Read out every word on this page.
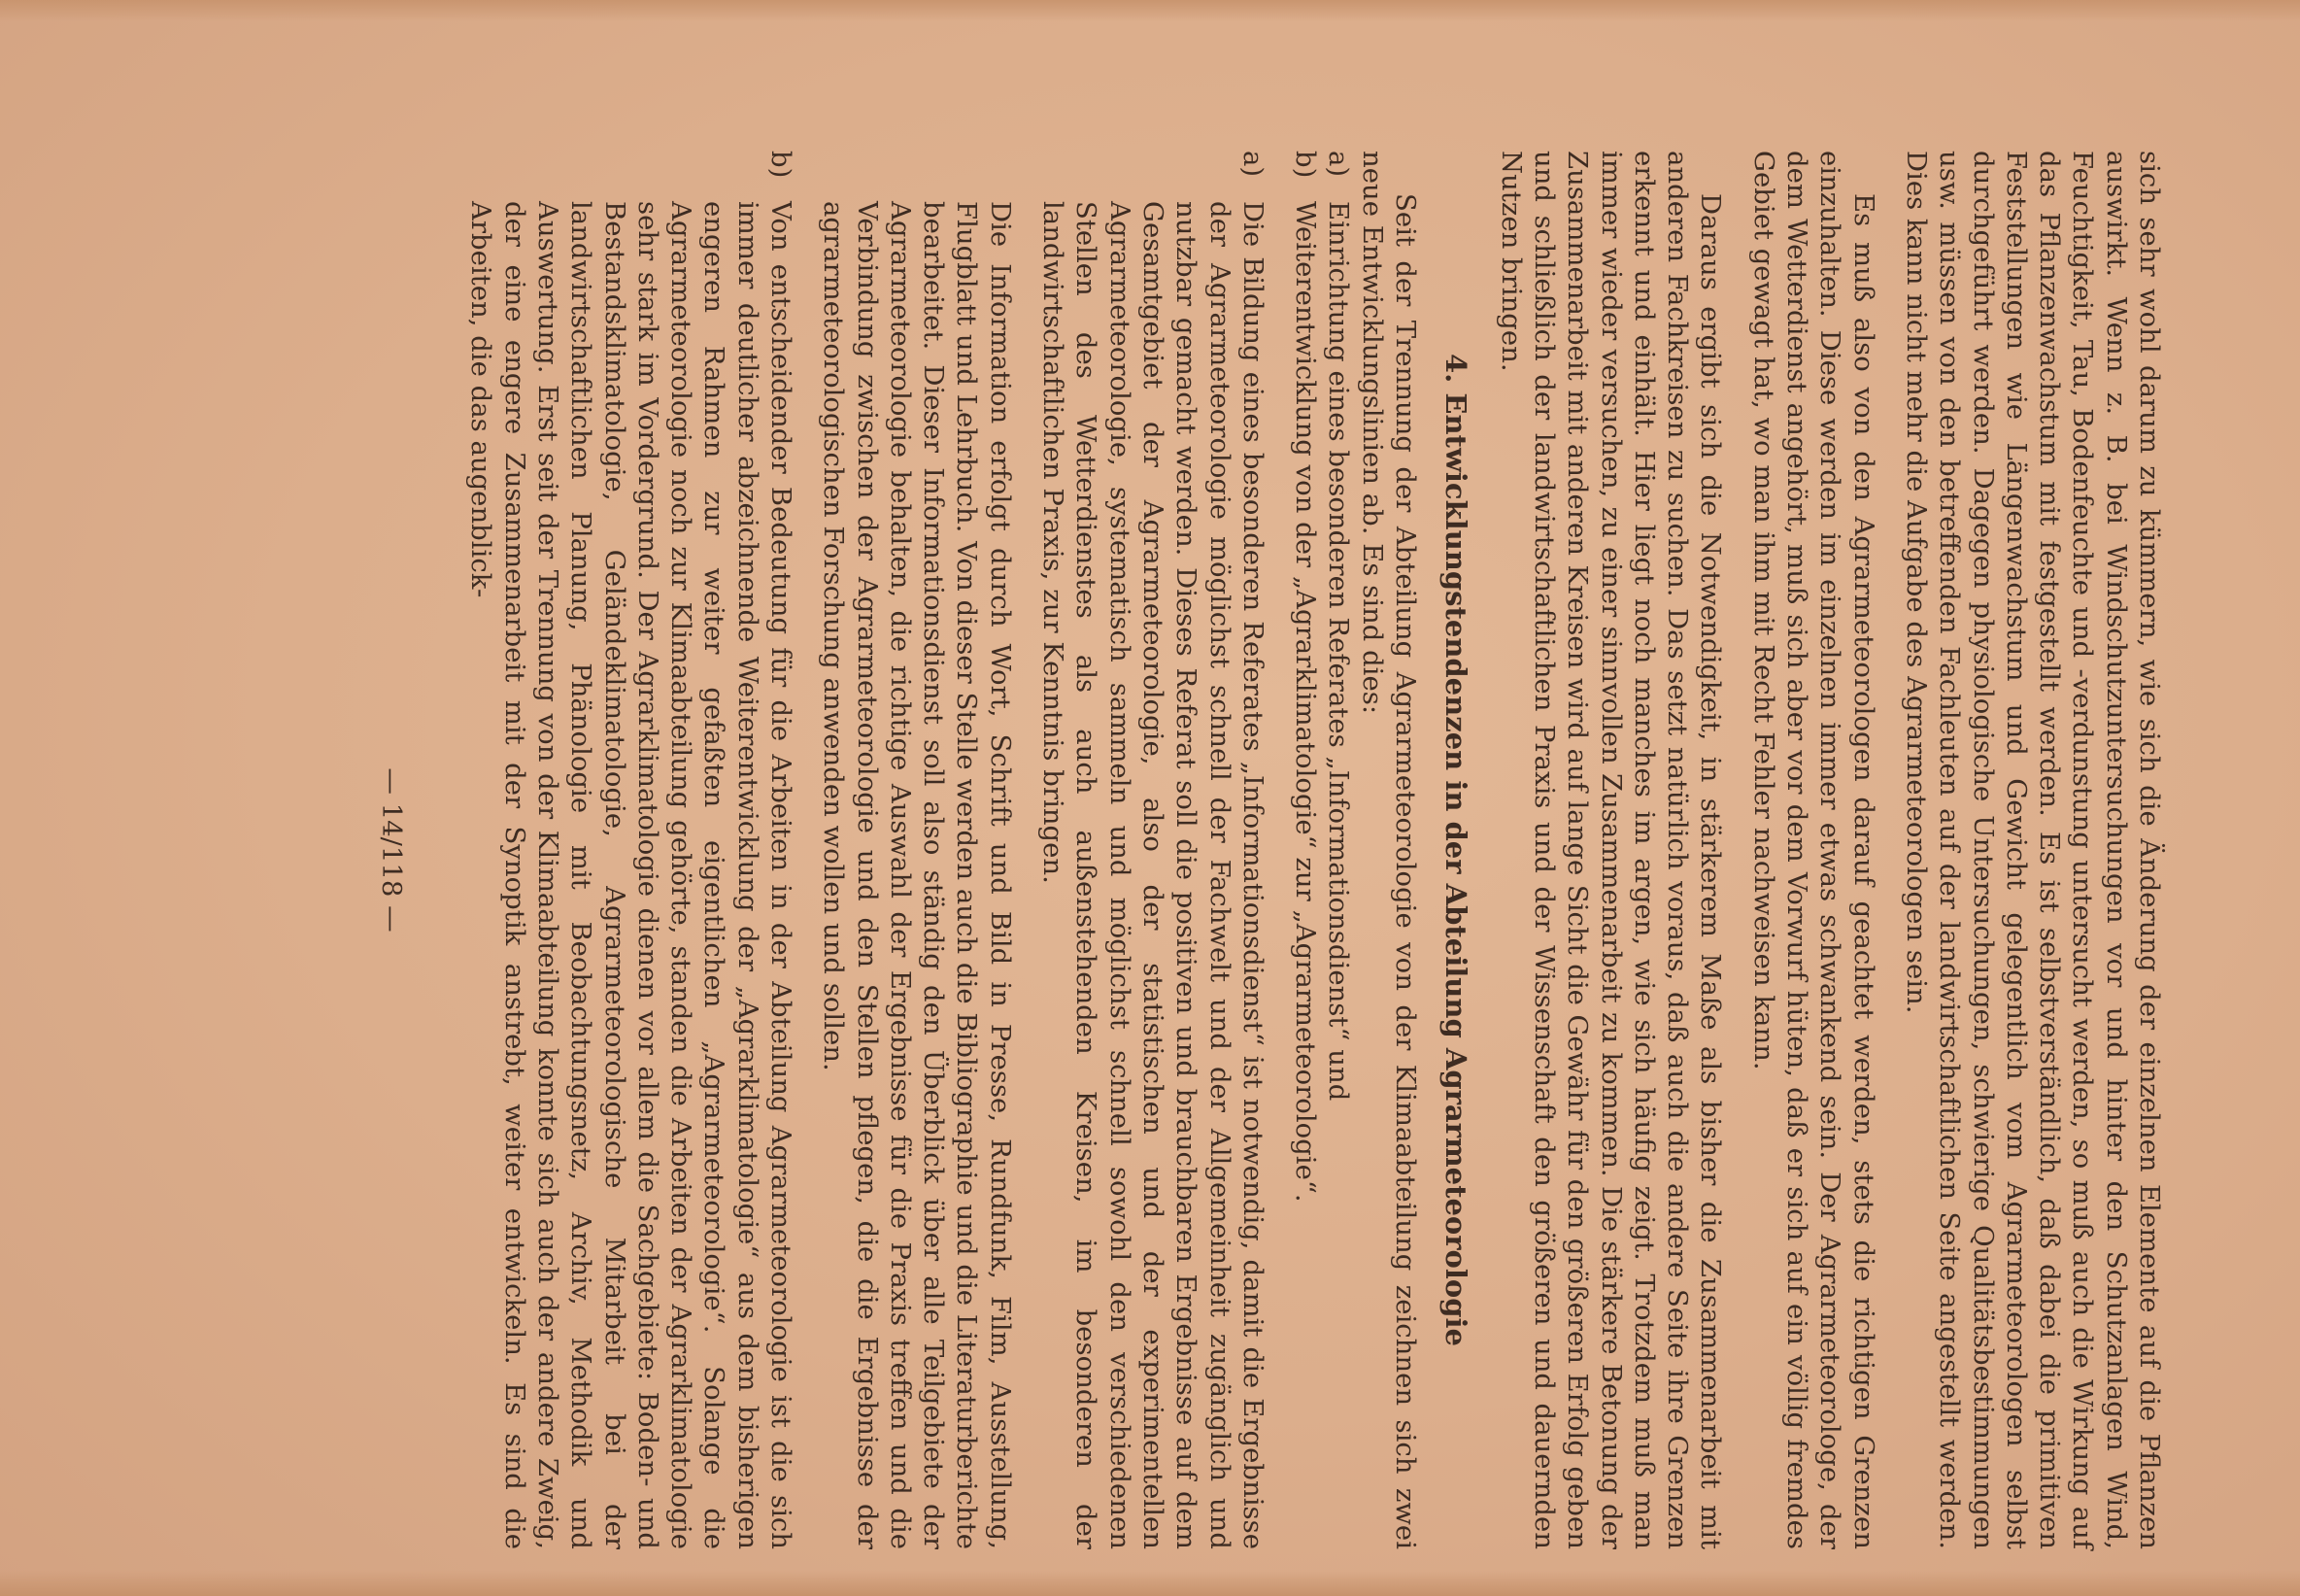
sich sehr wohl darum zu kümmern, wie sich die Änderung der einzelnen Elemente auf die Pflanzen auswirkt. Wenn z. B. bei Windschutzuntersuchungen vor und hinter den Schutzanlagen Wind, Feuchtigkeit, Tau, Bodenfeuchte und -verdunstung untersucht werden, so muß auch die Wirkung auf das Pflanzenwachstum mit festgestellt werden. Es ist selbstverständlich, daß dabei die primitiven Feststellungen wie Längenwachstum und Gewicht gelegentlich vom Agrarmeteorologen selbst durchgeführt werden. Dagegen physiologische Untersuchungen, schwierige Qualitätsbestimmungen usw. müssen von den betreffenden Fachleuten auf der landwirtschaftlichen Seite angestellt werden. Dies kann nicht mehr die Aufgabe des Agrarmeteorologen sein.

Es muß also von den Agrarmeteorologen darauf geachtet werden, stets die richtigen Grenzen einzuhalten. Diese werden im einzelnen immer etwas schwankend sein. Der Agrarmeteorologe, der dem Wetterdienst angehört, muß sich aber vor dem Vorwurf hüten, daß er sich auf ein völlig fremdes Gebiet gewagt hat, wo man ihm mit Recht Fehler nachweisen kann.

Daraus ergibt sich die Notwendigkeit, in stärkerem Maße als bisher die Zusammenarbeit mit anderen Fachkreisen zu suchen. Das setzt natürlich voraus, daß auch die andere Seite ihre Grenzen erkennt und einhält. Hier liegt noch manches im argen, wie sich häufig zeigt. Trotzdem muß man immer wieder versuchen, zu einer sinnvollen Zusammenarbeit zu kommen. Die stärkere Betonung der Zusammenarbeit mit anderen Kreisen wird auf lange Sicht die Gewähr für den größeren Erfolg geben und schließlich der landwirtschaftlichen Praxis und der Wissenschaft den größeren und dauernden Nutzen bringen.

4. Entwicklungstendenzen in der Abteilung Agrarmeteorologie

Seit der Trennung der Abteilung Agrarmeteorologie von der Klimaabteilung zeichnen sich zwei neue Entwicklungslinien ab. Es sind dies:

a)Einrichtung eines besonderen Referates „Informationsdienst“ und

b)Weiterentwicklung von der „Agrarklimatologie“ zur „Agrarmeteorologie“.

a)Die Bildung eines besonderen Referates „Informationsdienst“ ist notwendig, damit die Ergebnisse der Agrarmeteorologie möglichst schnell der Fachwelt und der Allgemeinheit zugänglich und nutzbar gemacht werden. Dieses Referat soll die positiven und brauchbaren Ergebnisse auf dem Gesamtgebiet der Agrarmeteorologie, also der statistischen und der experimentellen Agrarmeteorologie, systematisch sammeln und möglichst schnell sowohl den verschiedenen Stellen des Wetterdienstes als auch außenstehenden Kreisen, im besonderen der landwirtschaftlichen Praxis, zur Kenntnis bringen.

Die Information erfolgt durch Wort, Schrift und Bild in Presse, Rundfunk, Film, Ausstellung, Flugblatt und Lehrbuch. Von dieser Stelle werden auch die Bibliographie und die Literaturberichte bearbeitet. Dieser Informationsdienst soll also ständig den Überblick über alle Teilgebiete der Agrarmeteorologie behalten, die richtige Auswahl der Ergebnisse für die Praxis treffen und die Verbindung zwischen der Agrarmeteorologie und den Stellen pflegen, die die Ergebnisse der agrarmeteorologischen Forschung anwenden wollen und sollen.

b)Von entscheidender Bedeutung für die Arbeiten in der Abteilung Agrarmeteorologie ist die sich immer deutlicher abzeichnende Weiterentwicklung der „Agrarklimatologie“ aus dem bisherigen engeren Rahmen zur weiter gefaßten eigentlichen „Agrarmeteorologie“. Solange die Agrarmeteorologie noch zur Klimaabteilung gehörte, standen die Arbeiten der Agrarklimatologie sehr stark im Vordergrund. Der Agrarklimatologie dienen vor allem die Sachgebiete: Boden- und Bestandsklimatologie, Geländeklimatologie, Agrarmeteorologische Mitarbeit bei der landwirtschaftlichen Planung, Phänologie mit Beobachtungsnetz, Archiv, Methodik und Auswertung. Erst seit der Trennung von der Klimaabteilung konnte sich auch der andere Zweig, der eine engere Zusammenarbeit mit der Synoptik anstrebt, weiter entwickeln. Es sind die Arbeiten, die das augenblick-

— 14/118 —
